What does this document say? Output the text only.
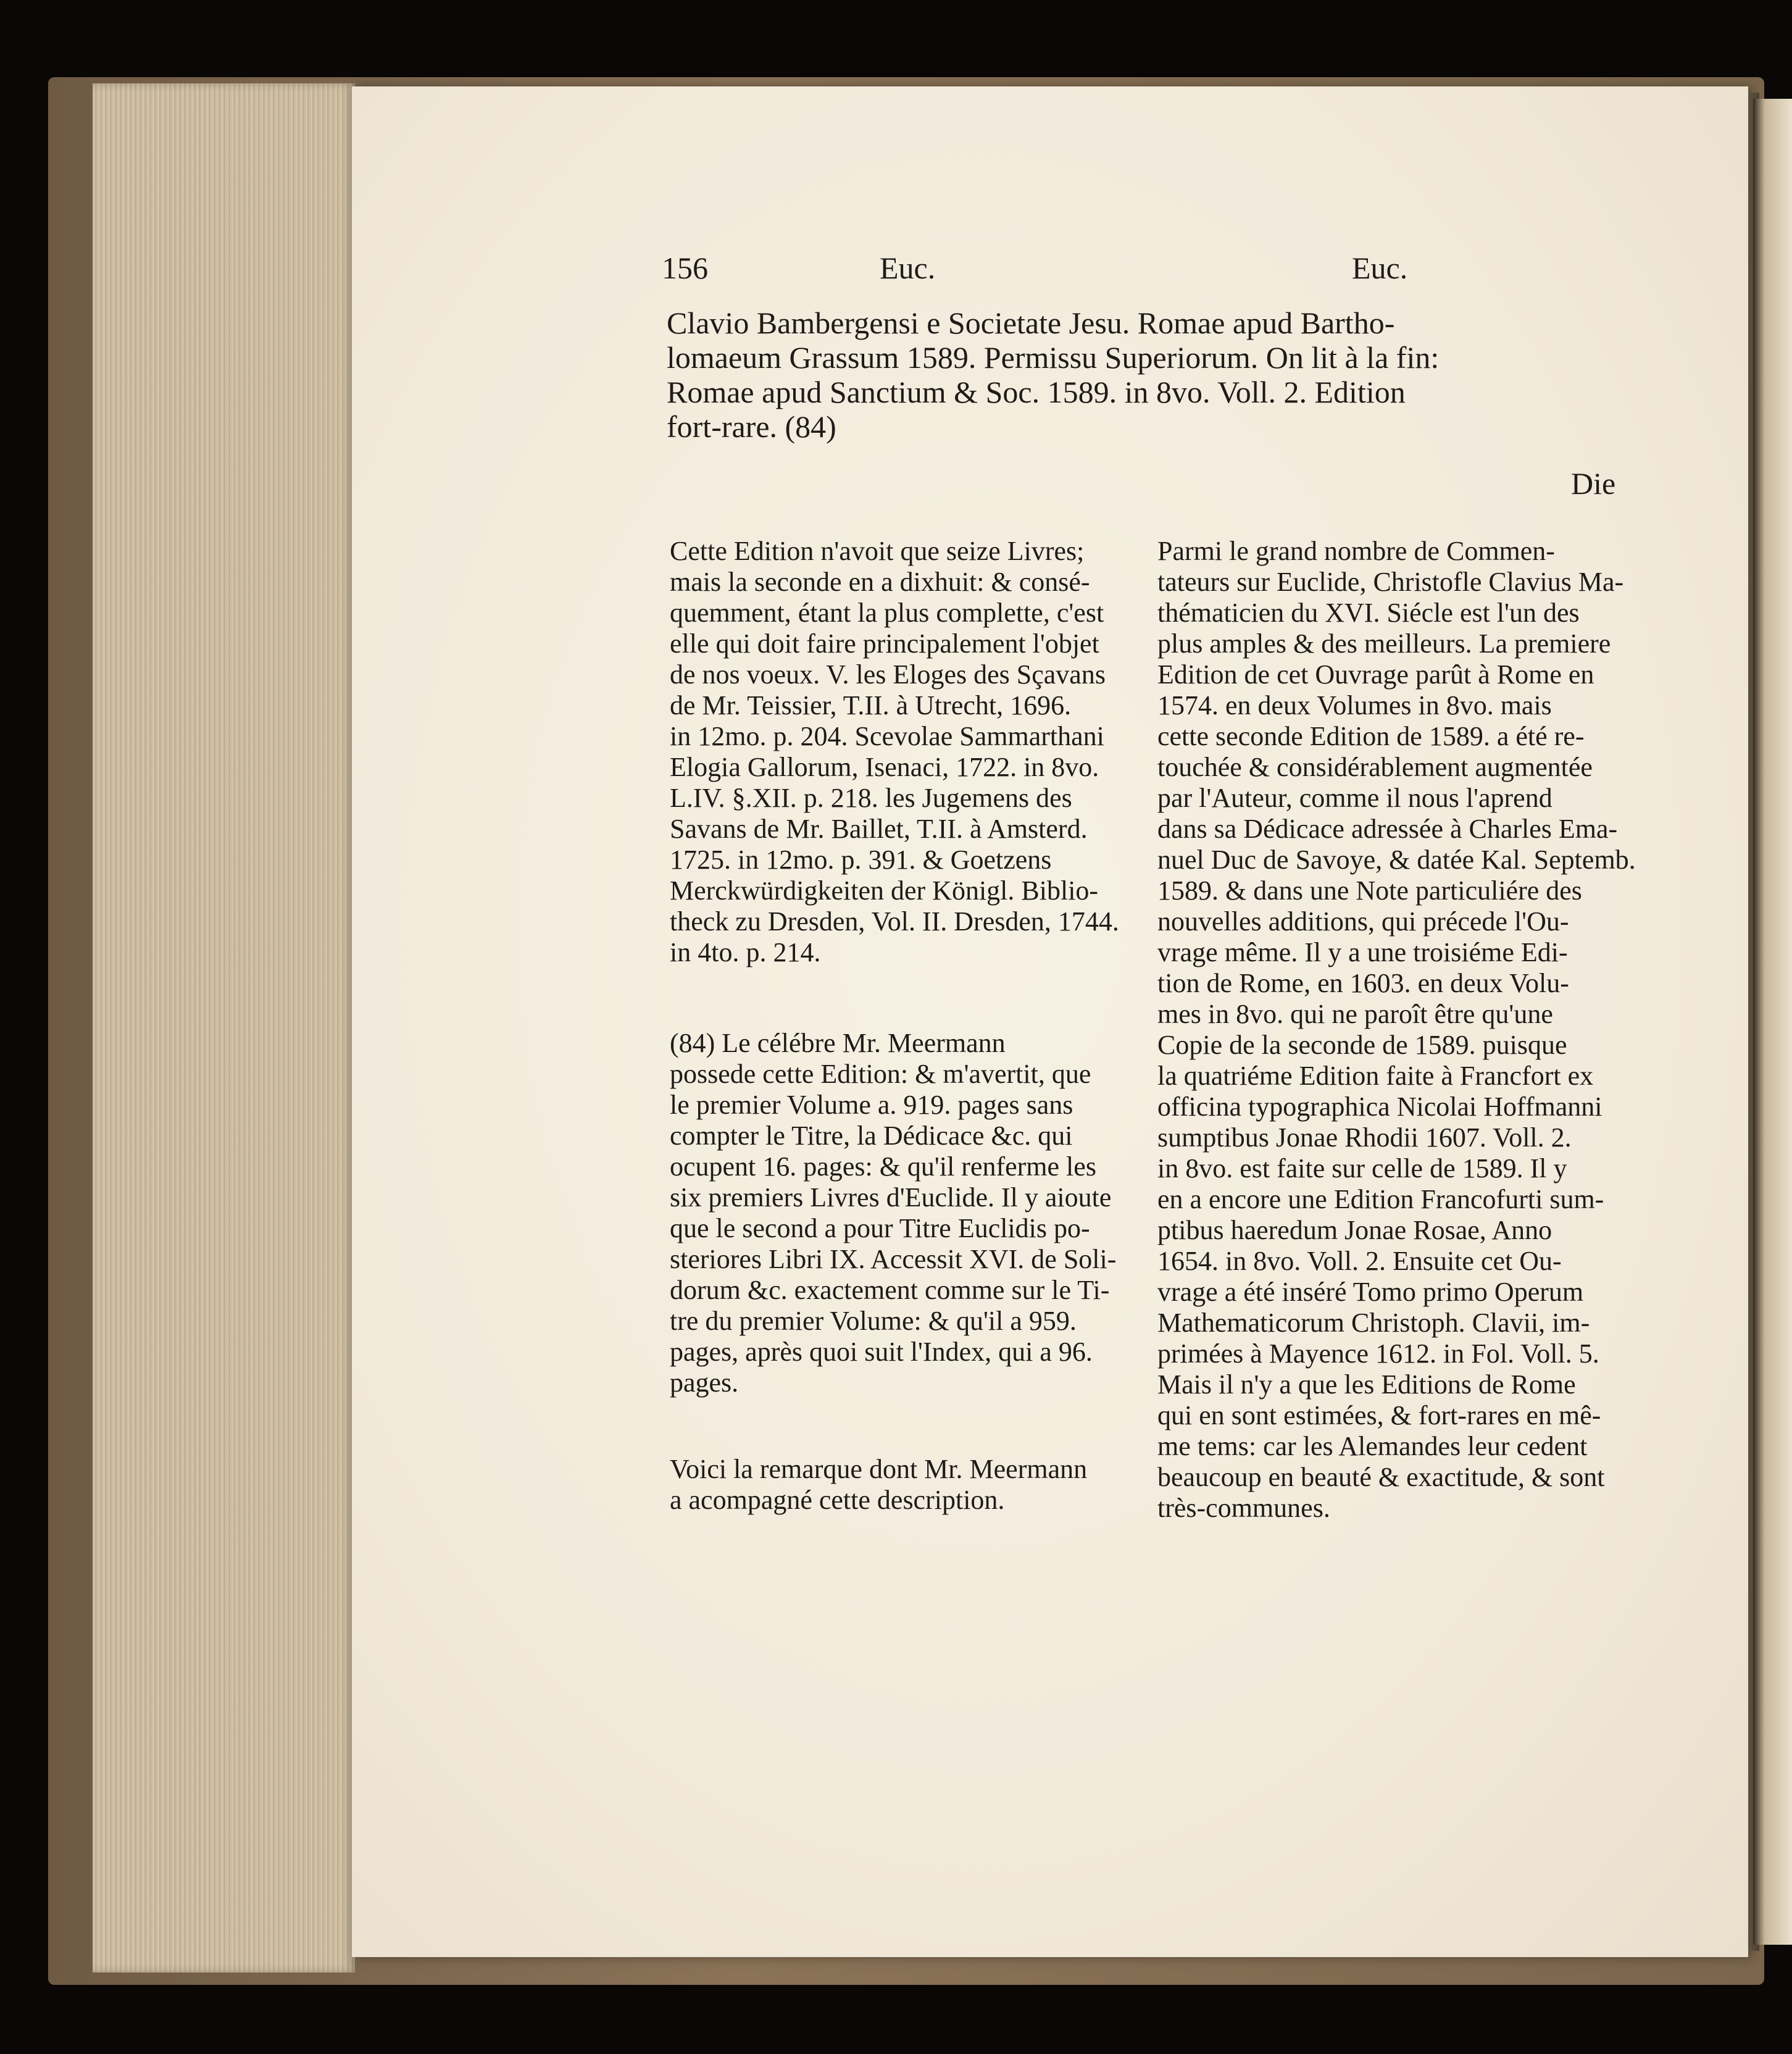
156	Euc.	Euc.
Clavio Bambergensi e Societate Jesu. Romae apud Bartho-
lomaeum Grassum 1589. Permissu Superiorum. On lit à la fin:
Romae apud Sanctium & Soc. 1589. in 8vo. Voll. 2. Edition
fort-rare. (84)
Die
Cette Edition n'avoit que seize Livres;
mais la seconde en a dixhuit: & consé-
quemment, étant la plus complette, c'est
elle qui doit faire principalement l'objet
de nos voeux. V. les Eloges des Sçavans
de Mr. Teissier, T.II. à Utrecht, 1696.
in 12mo. p. 204. Scevolae Sammarthani
Elogia Gallorum, Isenaci, 1722. in 8vo.
L.IV. §.XII. p. 218. les Jugemens des
Savans de Mr. Baillet, T.II. à Amsterd.
1725. in 12mo. p. 391. & Goetzens
Merckwürdigkeiten der Königl. Biblio-
theck zu Dresden, Vol. II. Dresden, 1744.
in 4to. p. 214.
(84) Le célébre Mr. Meermann
possede cette Edition: & m'avertit, que
le premier Volume a. 919. pages sans
compter le Titre, la Dédicace &c. qui
ocupent 16. pages: & qu'il renferme les
six premiers Livres d'Euclide. Il y aioute
que le second a pour Titre Euclidis po-
steriores Libri IX. Accessit XVI. de Soli-
dorum &c. exactement comme sur le Ti-
tre du premier Volume: & qu'il a 959.
pages, après quoi suit l'Index, qui a 96.
pages.
Voici la remarque dont Mr. Meermann
a acompagné cette description.
Parmi le grand nombre de Commen-
tateurs sur Euclide, Christofle Clavius Ma-
thématicien du XVI. Siécle est l'un des
plus amples & des meilleurs. La premiere
Edition de cet Ouvrage parût à Rome en
1574. en deux Volumes in 8vo. mais
cette seconde Edition de 1589. a été re-
touchée & considérablement augmentée
par l'Auteur, comme il nous l'aprend
dans sa Dédicace adressée à Charles Ema-
nuel Duc de Savoye, & datée Kal. Septemb.
1589. & dans une Note particuliére des
nouvelles additions, qui précede l'Ou-
vrage même. Il y a une troisiéme Edi-
tion de Rome, en 1603. en deux Volu-
mes in 8vo. qui ne paroît être qu'une
Copie de la seconde de 1589. puisque
la quatriéme Edition faite à Francfort ex
officina typographica Nicolai Hoffmanni
sumptibus Jonae Rhodii 1607. Voll. 2.
in 8vo. est faite sur celle de 1589. Il y
en a encore une Edition Francofurti sum-
ptibus haeredum Jonae Rosae, Anno
1654. in 8vo. Voll. 2. Ensuite cet Ou-
vrage a été inséré Tomo primo Operum
Mathematicorum Christoph. Clavii, im-
primées à Mayence 1612. in Fol. Voll. 5.
Mais il n'y a que les Editions de Rome
qui en sont estimées, & fort-rares en mê-
me tems: car les Alemandes leur cedent
beaucoup en beauté & exactitude, & sont
très-communes.
